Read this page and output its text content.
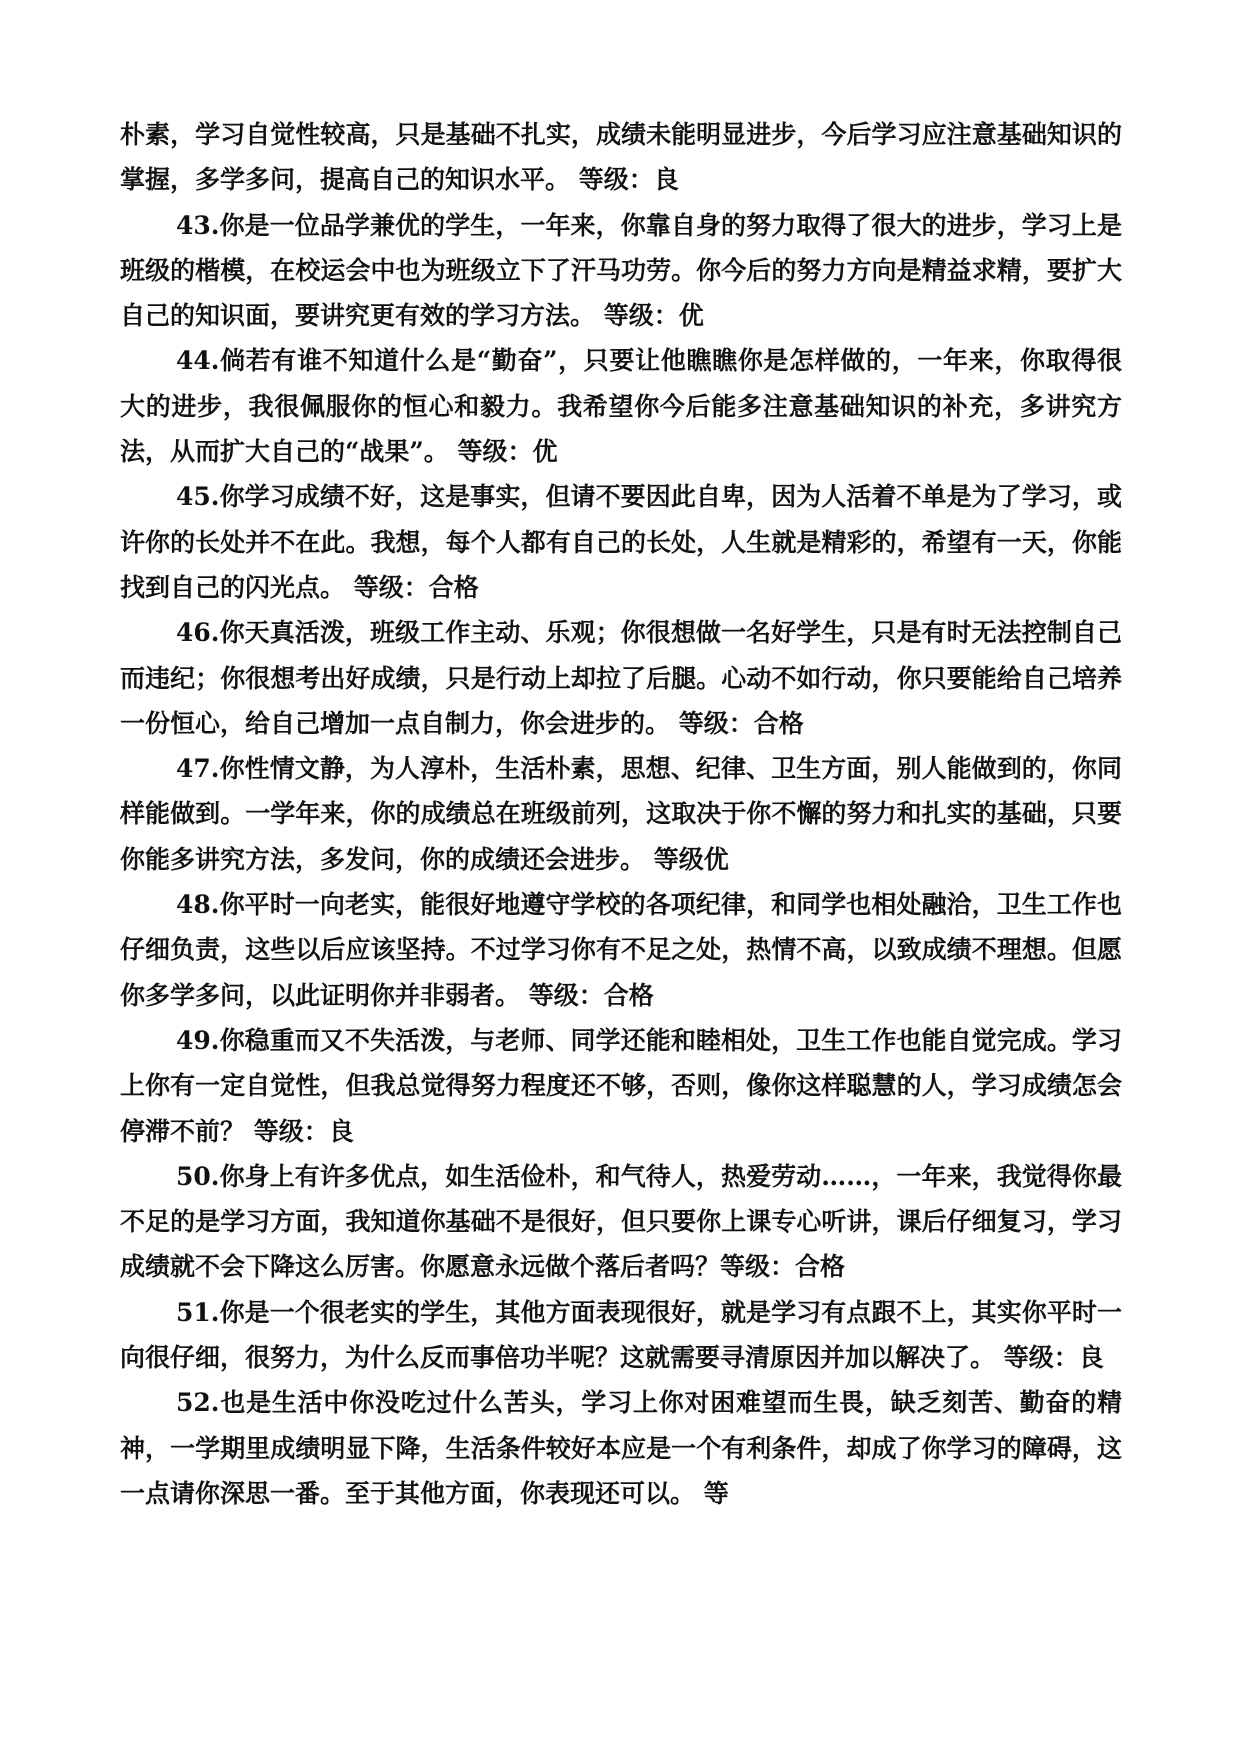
朴素，学习自觉性较高，只是基础不扎实，成绩未能明显进步，今后学习应注意基础知识的掌握，多学多问，提高自己的知识水平。 等级：良

43.你是一位品学兼优的学生，一年来，你靠自身的努力取得了很大的进步，学习上是班级的楷模，在校运会中也为班级立下了汗马功劳。你今后的努力方向是精益求精，要扩大自己的知识面，要讲究更有效的学习方法。 等级：优

44.倘若有谁不知道什么是“勤奋”，只要让他瞧瞧你是怎样做的，一年来，你取得很大的进步，我很佩服你的恒心和毅力。我希望你今后能多注意基础知识的补充，多讲究方法，从而扩大自己的“战果”。 等级：优

45.你学习成绩不好，这是事实，但请不要因此自卑，因为人活着不单是为了学习，或许你的长处并不在此。我想，每个人都有自己的长处，人生就是精彩的，希望有一天，你能找到自己的闪光点。 等级：合格

46.你天真活泼，班级工作主动、乐观；你很想做一名好学生，只是有时无法控制自己而违纪；你很想考出好成绩，只是行动上却拉了后腿。心动不如行动，你只要能给自己培养一份恒心，给自己增加一点自制力，你会进步的。 等级：合格

47.你性情文静，为人淳朴，生活朴素，思想、纪律、卫生方面，别人能做到的，你同样能做到。一学年来，你的成绩总在班级前列，这取决于你不懈的努力和扎实的基础，只要你能多讲究方法，多发问，你的成绩还会进步。 等级优

48.你平时一向老实，能很好地遵守学校的各项纪律，和同学也相处融洽，卫生工作也仔细负责，这些以后应该坚持。不过学习你有不足之处，热情不高，以致成绩不理想。但愿你多学多问，以此证明你并非弱者。 等级：合格

49.你稳重而又不失活泼，与老师、同学还能和睦相处，卫生工作也能自觉完成。学习上你有一定自觉性，但我总觉得努力程度还不够，否则，像你这样聪慧的人，学习成绩怎会停滞不前？ 等级：良

50.你身上有许多优点，如生活俭朴，和气待人，热爱劳动……，一年来，我觉得你最不足的是学习方面，我知道你基础不是很好，但只要你上课专心听讲，课后仔细复习，学习成绩就不会下降这么厉害。你愿意永远做个落后者吗？等级：合格

51.你是一个很老实的学生，其他方面表现很好，就是学习有点跟不上，其实你平时一向很仔细，很努力，为什么反而事倍功半呢？这就需要寻清原因并加以解决了。 等级：良

52.也是生活中你没吃过什么苦头，学习上你对困难望而生畏，缺乏刻苦、勤奋的精神，一学期里成绩明显下降，生活条件较好本应是一个有利条件，却成了你学习的障碍，这一点请你深思一番。至于其他方面，你表现还可以。 等
